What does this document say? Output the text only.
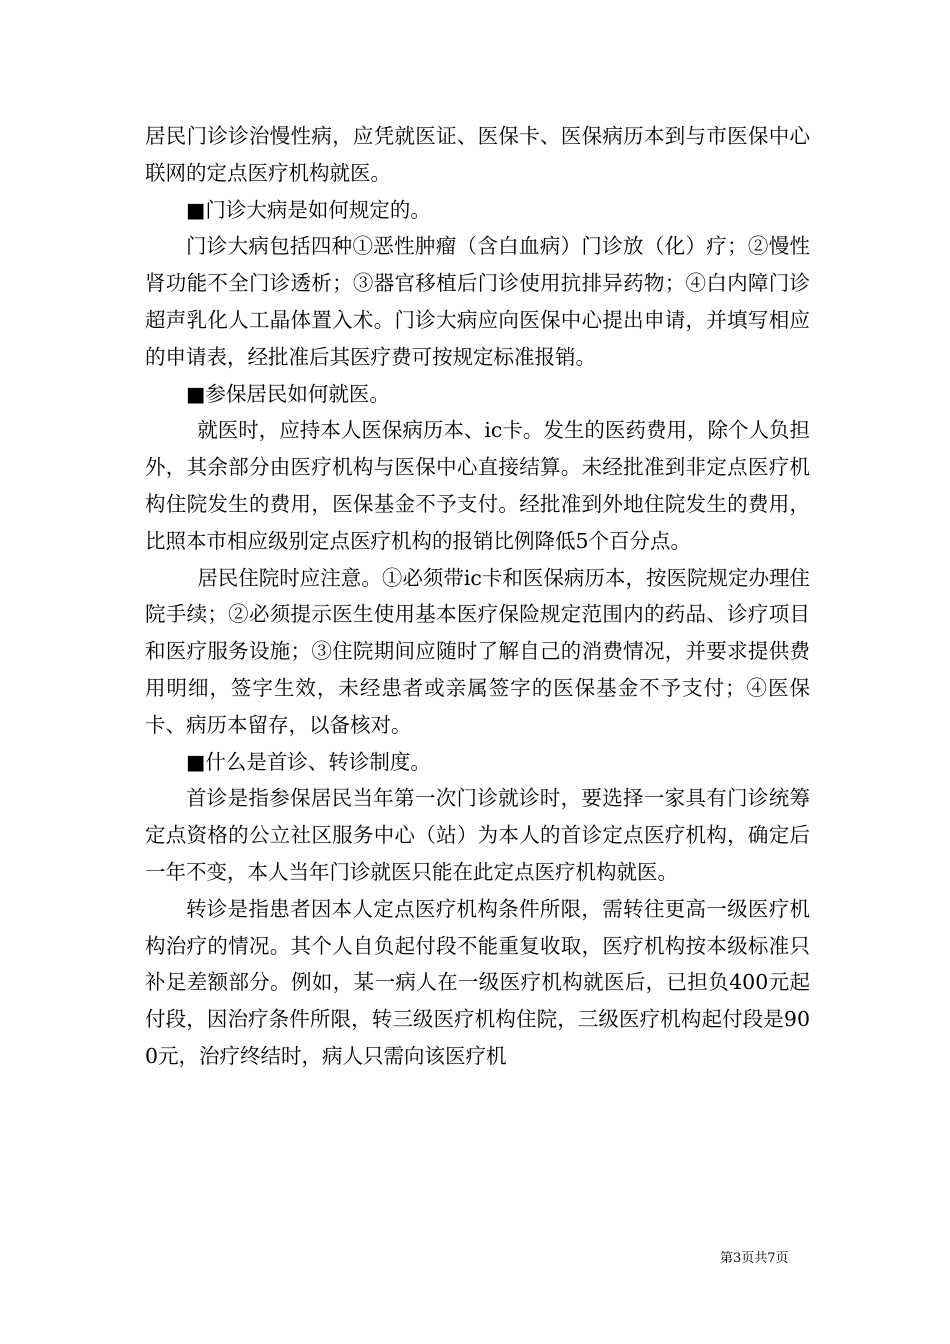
居民门诊诊治慢性病，应凭就医证、医保卡、医保病历本到与市医保中心联网的定点医疗机构就医。

■门诊大病是如何规定的。

门诊大病包括四种①恶性肿瘤（含白血病）门诊放（化）疗；②慢性肾功能不全门诊透析；③器官移植后门诊使用抗排异药物；④白内障门诊超声乳化人工晶体置入术。门诊大病应向医保中心提出申请，并填写相应的申请表，经批准后其医疗费可按规定标准报销。

■参保居民如何就医。

就医时，应持本人医保病历本、ic卡。发生的医药费用，除个人负担外，其余部分由医疗机构与医保中心直接结算。未经批准到非定点医疗机构住院发生的费用，医保基金不予支付。经批准到外地住院发生的费用，比照本市相应级别定点医疗机构的报销比例降低5个百分点。

居民住院时应注意。①必须带ic卡和医保病历本，按医院规定办理住院手续；②必须提示医生使用基本医疗保险规定范围内的药品、诊疗项目和医疗服务设施；③住院期间应随时了解自己的消费情况，并要求提供费用明细，签字生效，未经患者或亲属签字的医保基金不予支付；④医保卡、病历本留存，以备核对。

■什么是首诊、转诊制度。

首诊是指参保居民当年第一次门诊就诊时，要选择一家具有门诊统筹定点资格的公立社区服务中心（站）为本人的首诊定点医疗机构，确定后一年不变，本人当年门诊就医只能在此定点医疗机构就医。

转诊是指患者因本人定点医疗机构条件所限，需转往更高一级医疗机构治疗的情况。其个人自负起付段不能重复收取，医疗机构按本级标准只补足差额部分。例如，某一病人在一级医疗机构就医后，已担负400元起付段，因治疗条件所限，转三级医疗机构住院，三级医疗机构起付段是900元，治疗终结时，病人只需向该医疗机

第3页共7页
